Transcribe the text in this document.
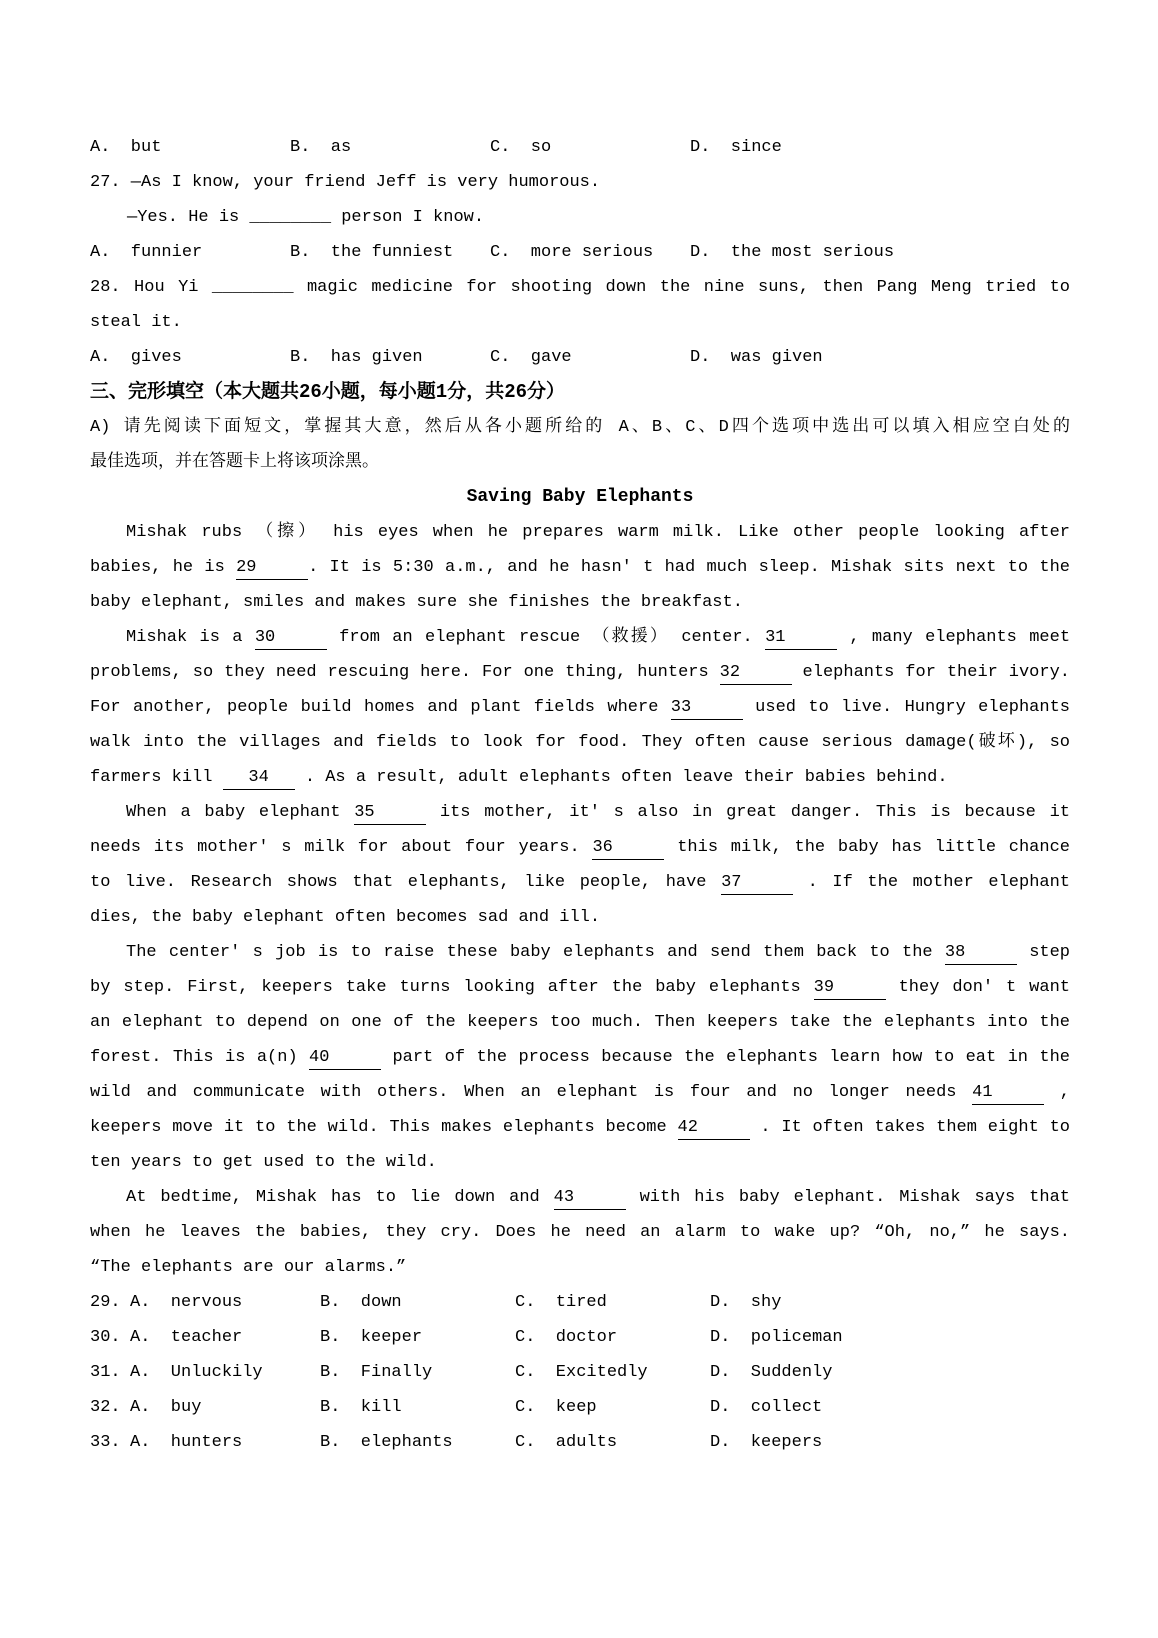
A.  but	B.  as	C.  so	D.  since
27. —As I know, your friend Jeff is very humorous.
—Yes. He is ________ person I know.
A.  funnier	B.  the funniest	C.  more serious	D.  the most serious
28. Hou Yi ________ magic medicine for shooting down the nine suns, then Pang Meng tried to
steal it.
A.  gives	B.  has given	C.  gave	D.  was given
三、完形填空（本大题共26小题，每小题1分，共26分）
A) 请先阅读下面短文，掌握其大意，然后从各小题所给的 A、B、C、D四个选项中选出可以填入相应空白处的
最佳选项，并在答题卡上将该项涂黑。
Saving Baby Elephants
Mishak rubs （擦） his eyes when he prepares warm milk. Like other people looking after
babies, he is 29	. It is 5:30 a.m., and he hasn' t had much sleep. Mishak sits next to the
baby elephant, smiles and makes sure she finishes the breakfast.
Mishak is a 30	from an elephant rescue （救援） center. 31	, many elephants meet
problems, so they need rescuing here. For one thing, hunters 32	elephants for their ivory.
For another, people build homes and plant fields where 33	used to live. Hungry elephants
walk into the villages and fields to look for food. They often cause serious damage(破坏), so
farmers kill 34 . As a result, adult elephants often leave their babies behind.
When a baby elephant 35	its mother, it' s also in great danger. This is because it
needs its mother' s milk for about four years. 36	this milk, the baby has little chance
to live. Research shows that elephants, like people, have 37	. If the mother elephant
dies, the baby elephant often becomes sad and ill.
The center' s job is to raise these baby elephants and send them back to the 38	step
by step. First, keepers take turns looking after the baby elephants 39	they don' t want
an elephant to depend on one of the keepers too much. Then keepers take the elephants into the
forest. This is a(n) 40	part of the process because the elephants learn how to eat in the
wild and communicate with others. When an elephant is four and no longer needs 41	,
keepers move it to the wild. This makes elephants become 42	. It often takes them eight to
ten years to get used to the wild.
At bedtime, Mishak has to lie down and 43	with his baby elephant. Mishak says that
when he leaves the babies, they cry. Does he need an alarm to wake up? “Oh, no,” he says.
“The elephants are our alarms.”
29. A.  nervous	B.  down	C.  tired	D.  shy
30. A.  teacher	B.  keeper	C.  doctor	D.  policeman
31. A.  Unluckily	B.  Finally	C.  Excitedly	D.  Suddenly
32. A.  buy	B.  kill	C.  keep	D.  collect
33. A.  hunters	B.  elephants	C.  adults	D.  keepers
